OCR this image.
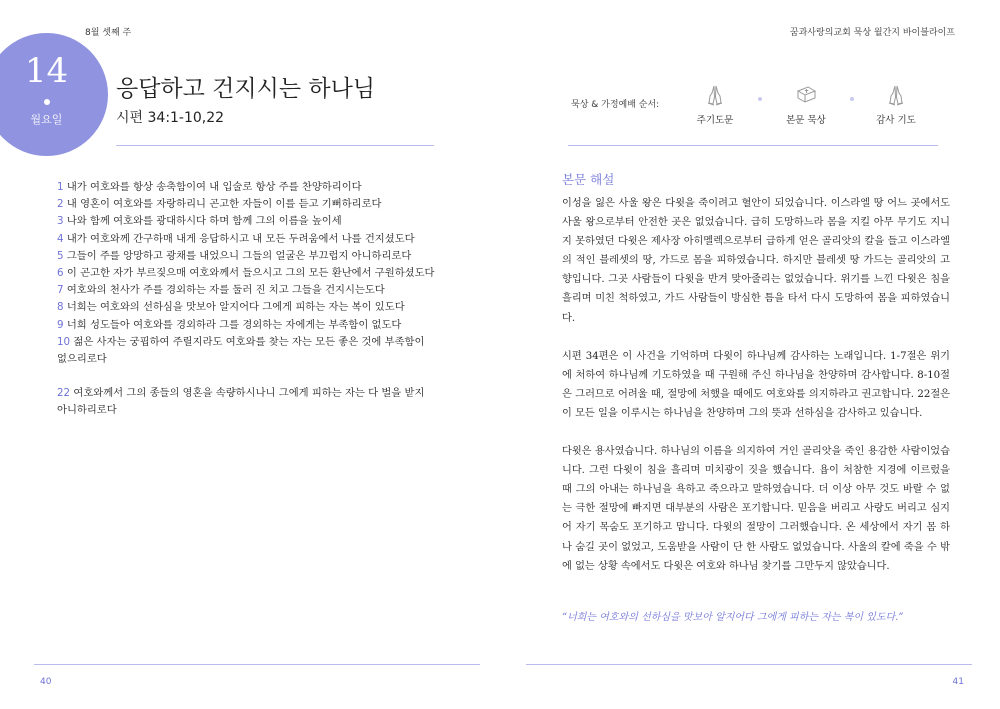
8월 셋째 주	꿈과사랑의교회 묵상 월간지 바이블라이프
14
월요일
응답하고 건지시는 하나님
시편 34:1-10,22

1 내가 여호와를 항상 송축함이여 내 입술로 항상 주를 찬양하리이다

2 내 영혼이 여호와를 자랑하리니 곤고한 자들이 이를 듣고 기뻐하리로다

3 나와 함께 여호와를 광대하시다 하며 함께 그의 이름을 높이세

4 내가 여호와께 간구하매 내게 응답하시고 내 모든 두려움에서 나를 건지셨도다

5 그들이 주를 앙망하고 광채를 내었으니 그들의 얼굴은 부끄럽지 아니하리로다

6 이 곤고한 자가 부르짖으매 여호와께서 들으시고 그의 모든 환난에서 구원하셨도다

7 여호와의 천사가 주를 경외하는 자를 둘러 진 치고 그들을 건지시는도다

8 너희는 여호와의 선하심을 맛보아 알지어다 그에게 피하는 자는 복이 있도다

9 너희 성도들아 여호와를 경외하라 그를 경외하는 자에게는 부족함이 없도다

10 젊은 사자는 궁핍하여 주릴지라도 여호와를 찾는 자는 모든 좋은 것에 부족함이 없으리로다

22 여호와께서 그의 종들의 영혼을 속량하시나니 그에게 피하는 자는 다 벌을 받지 아니하리로다

묵상 & 가정예배 순서:
주기도문	본문 묵상	감사 기도
본문 해설

이성을 잃은 사울 왕은 다윗을 죽이려고 혈안이 되었습니다. 이스라엘 땅 어느 곳에서도 사울 왕으로부터 안전한 곳은 없었습니다. 급히 도망하느라 몸을 지킬 아무 무기도 지니지 못하였던 다윗은 제사장 아히멜렉으로부터 급하게 얻은 골리앗의 칼을 들고 이스라엘의 적인 블레셋의 땅, 가드로 몸을 피하였습니다. 하지만 블레셋 땅 가드는 골리앗의 고향입니다. 그곳 사람들이 다윗을 반겨 맞아줄리는 없었습니다. 위기를 느낀 다윗은 침을 흘리며 미친 척하였고, 가드 사람들이 방심한 틈을 타서 다시 도망하여 몸을 피하였습니다.

시편 34편은 이 사건을 기억하며 다윗이 하나님께 감사하는 노래입니다. 1-7절은 위기에 처하여 하나님께 기도하였을 때 구원해 주신 하나님을 찬양하며 감사합니다. 8-10절은 그러므로 어려울 때, 절망에 처했을 때에도 여호와를 의지하라고 권고합니다. 22절은 이 모든 일을 이루시는 하나님을 찬양하며 그의 뜻과 선하심을 감사하고 있습니다.

다윗은 용사였습니다. 하나님의 이름을 의지하여 거인 골리앗을 죽인 용감한 사람이었습니다. 그런 다윗이 침을 흘리며 미치광이 짓을 했습니다. 욥이 처참한 지경에 이르렀을 때 그의 아내는 하나님을 욕하고 죽으라고 말하였습니다. 더 이상 아무 것도 바랄 수 없는 극한 절망에 빠지면 대부분의 사람은 포기합니다. 믿음을 버리고 사랑도 버리고 심지어 자기 목숨도 포기하고 맙니다. 다윗의 절망이 그러했습니다. 온 세상에서 자기 몸 하나 숨길 곳이 없었고, 도움받을 사람이 단 한 사람도 없었습니다. 사울의 칼에 죽을 수 밖에 없는 상황 속에서도 다윗은 여호와 하나님 찾기를 그만두지 않았습니다.

“너희는 여호와의 선하심을 맛보아 알지어다 그에게 피하는 자는 복이 있도다.”
40	41
